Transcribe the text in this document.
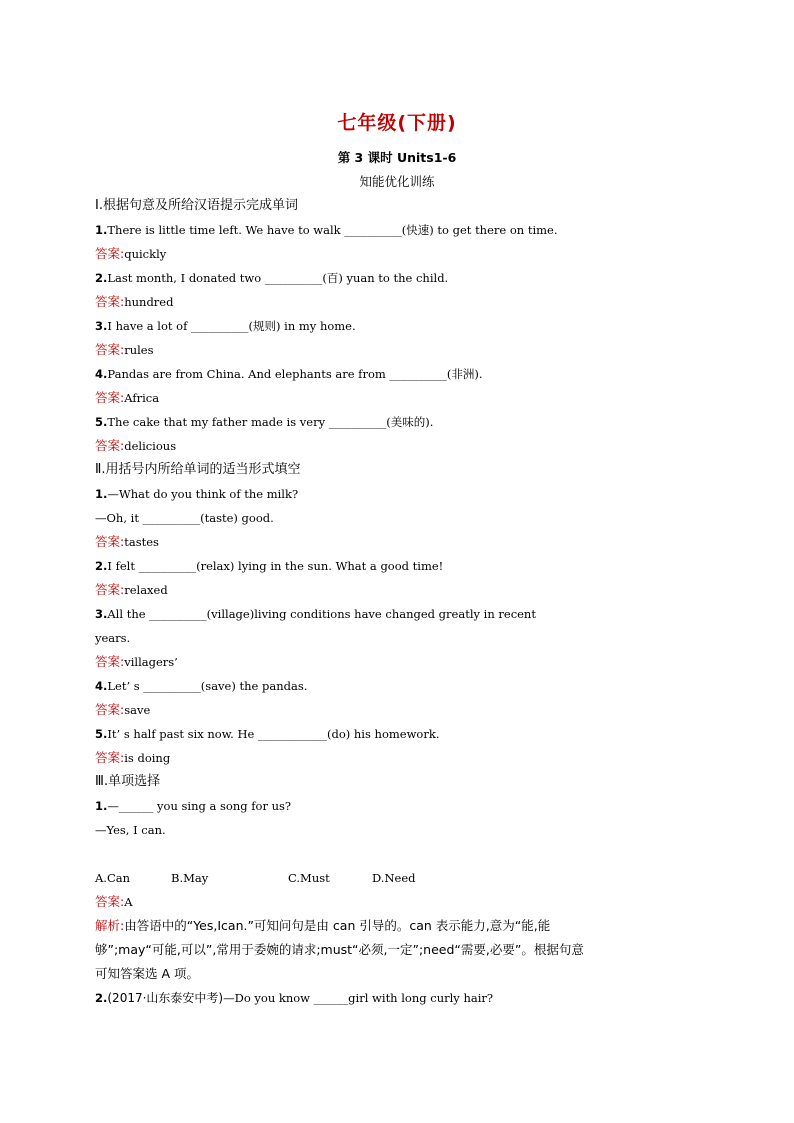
七年级(下册)
第 3 课时 Units1-6
知能优化训练
Ⅰ.根据句意及所给汉语提示完成单词
1.There is little time left. We have to walk __________(快速) to get there on time.
答案:quickly
2.Last month, I donated two __________(百) yuan to the child.
答案:hundred
3.I have a lot of __________(规则) in my home.
答案:rules
4.Pandas are from China. And elephants are from __________(非洲).
答案:Africa
5.The cake that my father made is very __________(美味的).
答案:delicious
Ⅱ.用括号内所给单词的适当形式填空
1.—What do you think of the milk?
—Oh, it __________(taste) good.
答案:tastes
2.I felt __________(relax) lying in the sun. What a good time!
答案:relaxed
3.All the __________(village)living conditions have changed greatly in recent
years.
答案:villagers’
4.Let’ s __________(save) the pandas.
答案:save
5.It’ s half past six now. He ____________(do) his homework.
答案:is doing
Ⅲ.单项选择
1.—______ you sing a song for us?
—Yes, I can.
A.Can	B.May	C.Must	D.Need
答案:A
解析:由答语中的“Yes,Ican.”可知问句是由 can 引导的。can 表示能力,意为“能,能
够”;may“可能,可以”,常用于委婉的请求;must“必须,一定”;need“需要,必要”。根据句意
可知答案选 A 项。
2.(2017·山东泰安中考)—Do you know ______girl with long curly hair?
